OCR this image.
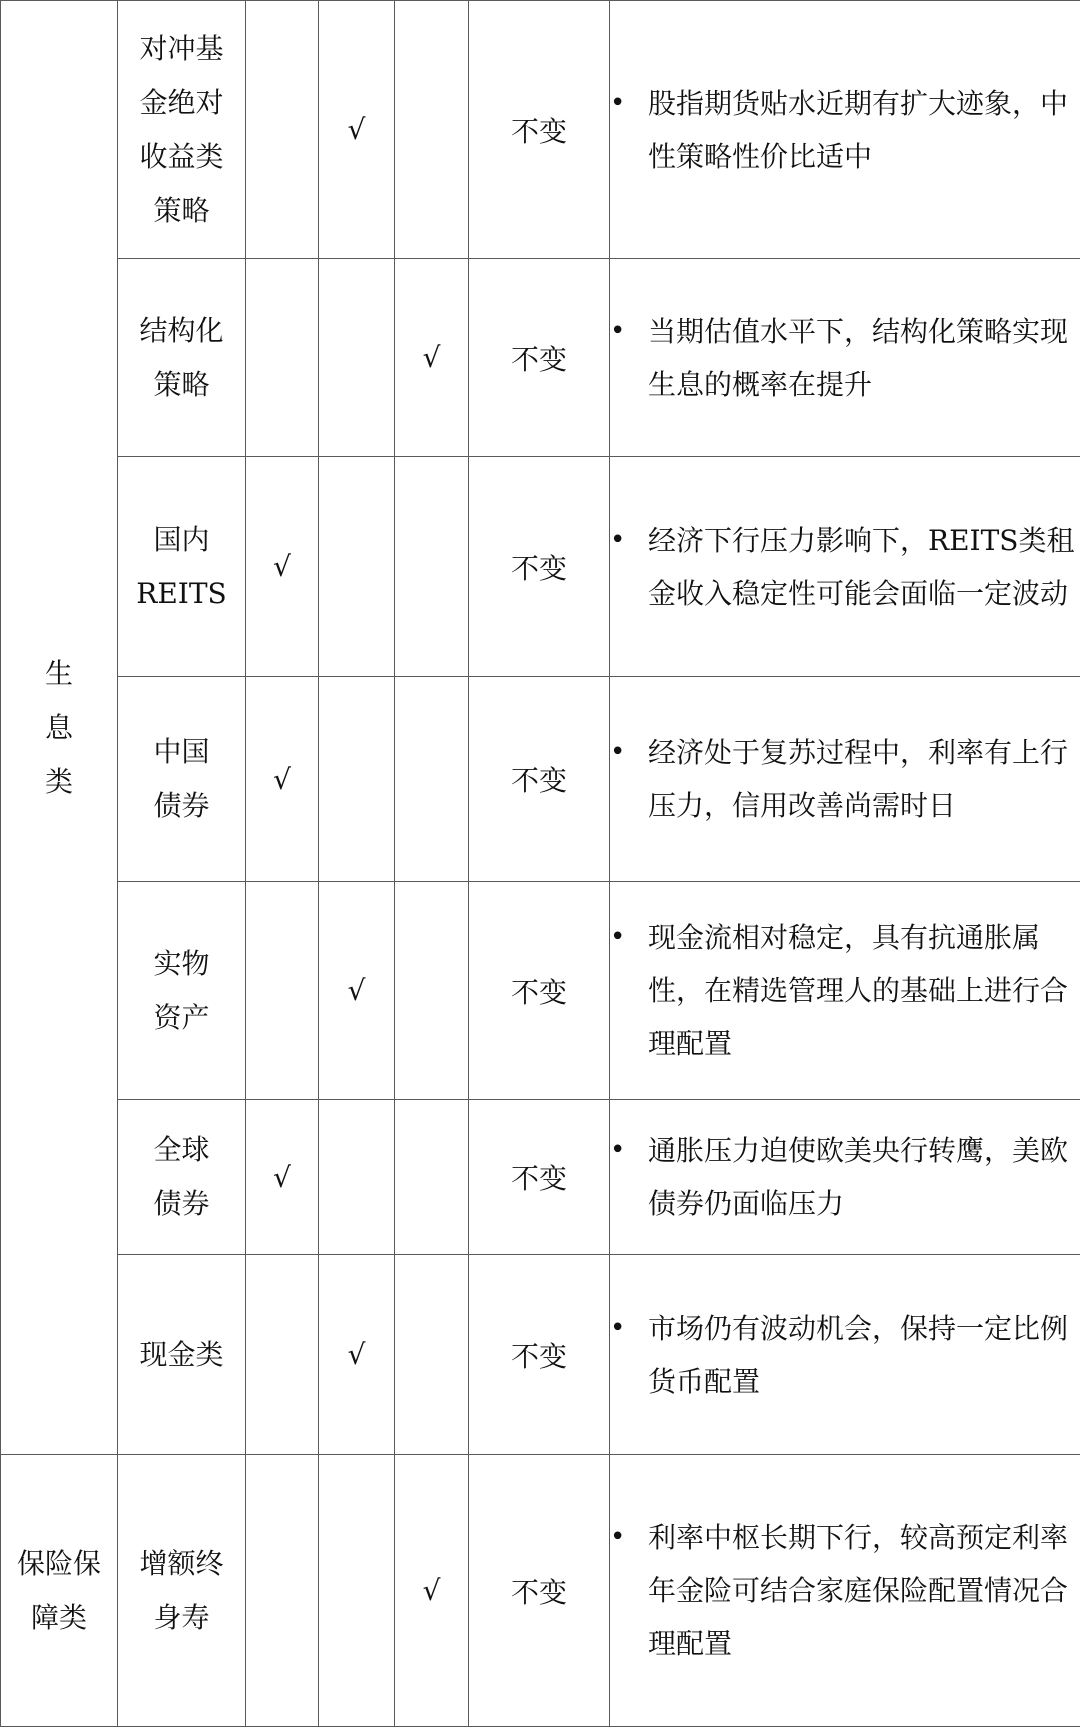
生
息
类	对冲基
金绝对
收益类
策略		√		不变	• 股指期货贴水近期有扩大迹象，中性策略性价比适中

	结构化
策略			√	不变	• 当期估值水平下，结构化策略实现生息的概率在提升

	国内
REITS	√			不变	• 经济下行压力影响下，REITS类租金收入稳定性可能会面临一定波动

	中国
债券	√			不变	• 经济处于复苏过程中，利率有上行压力，信用改善尚需时日

	实物
资产		√		不变	• 现金流相对稳定，具有抗通胀属性，在精选管理人的基础上进行合理配置

	全球
债券	√			不变	• 通胀压力迫使欧美央行转鹰，美欧债券仍面临压力

	现金类		√		不变	• 市场仍有波动机会，保持一定比例货币配置

保险保
障类	增额终
身寿			√	不变	• 利率中枢长期下行，较高预定利率年金险可结合家庭保险配置情况合理配置
